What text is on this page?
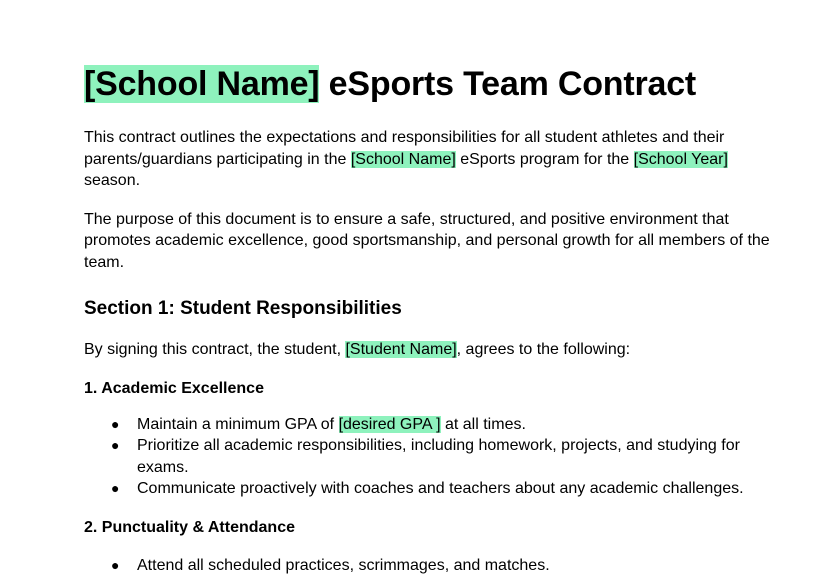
[School Name] eSports Team Contract

This contract outlines the expectations and responsibilities for all student athletes and their parents/guardians participating in the [School Name] eSports program for the [School Year] season.

The purpose of this document is to ensure a safe, structured, and positive environment that promotes academic excellence, good sportsmanship, and personal growth for all members of the team.

Section 1: Student Responsibilities

By signing this contract, the student, [Student Name], agrees to the following:

1. Academic Excellence
● Maintain a minimum GPA of [desired GPA ] at all times.
● Prioritize all academic responsibilities, including homework, projects, and studying for exams.
● Communicate proactively with coaches and teachers about any academic challenges.
2. Punctuality & Attendance
● Attend all scheduled practices, scrimmages, and matches.
